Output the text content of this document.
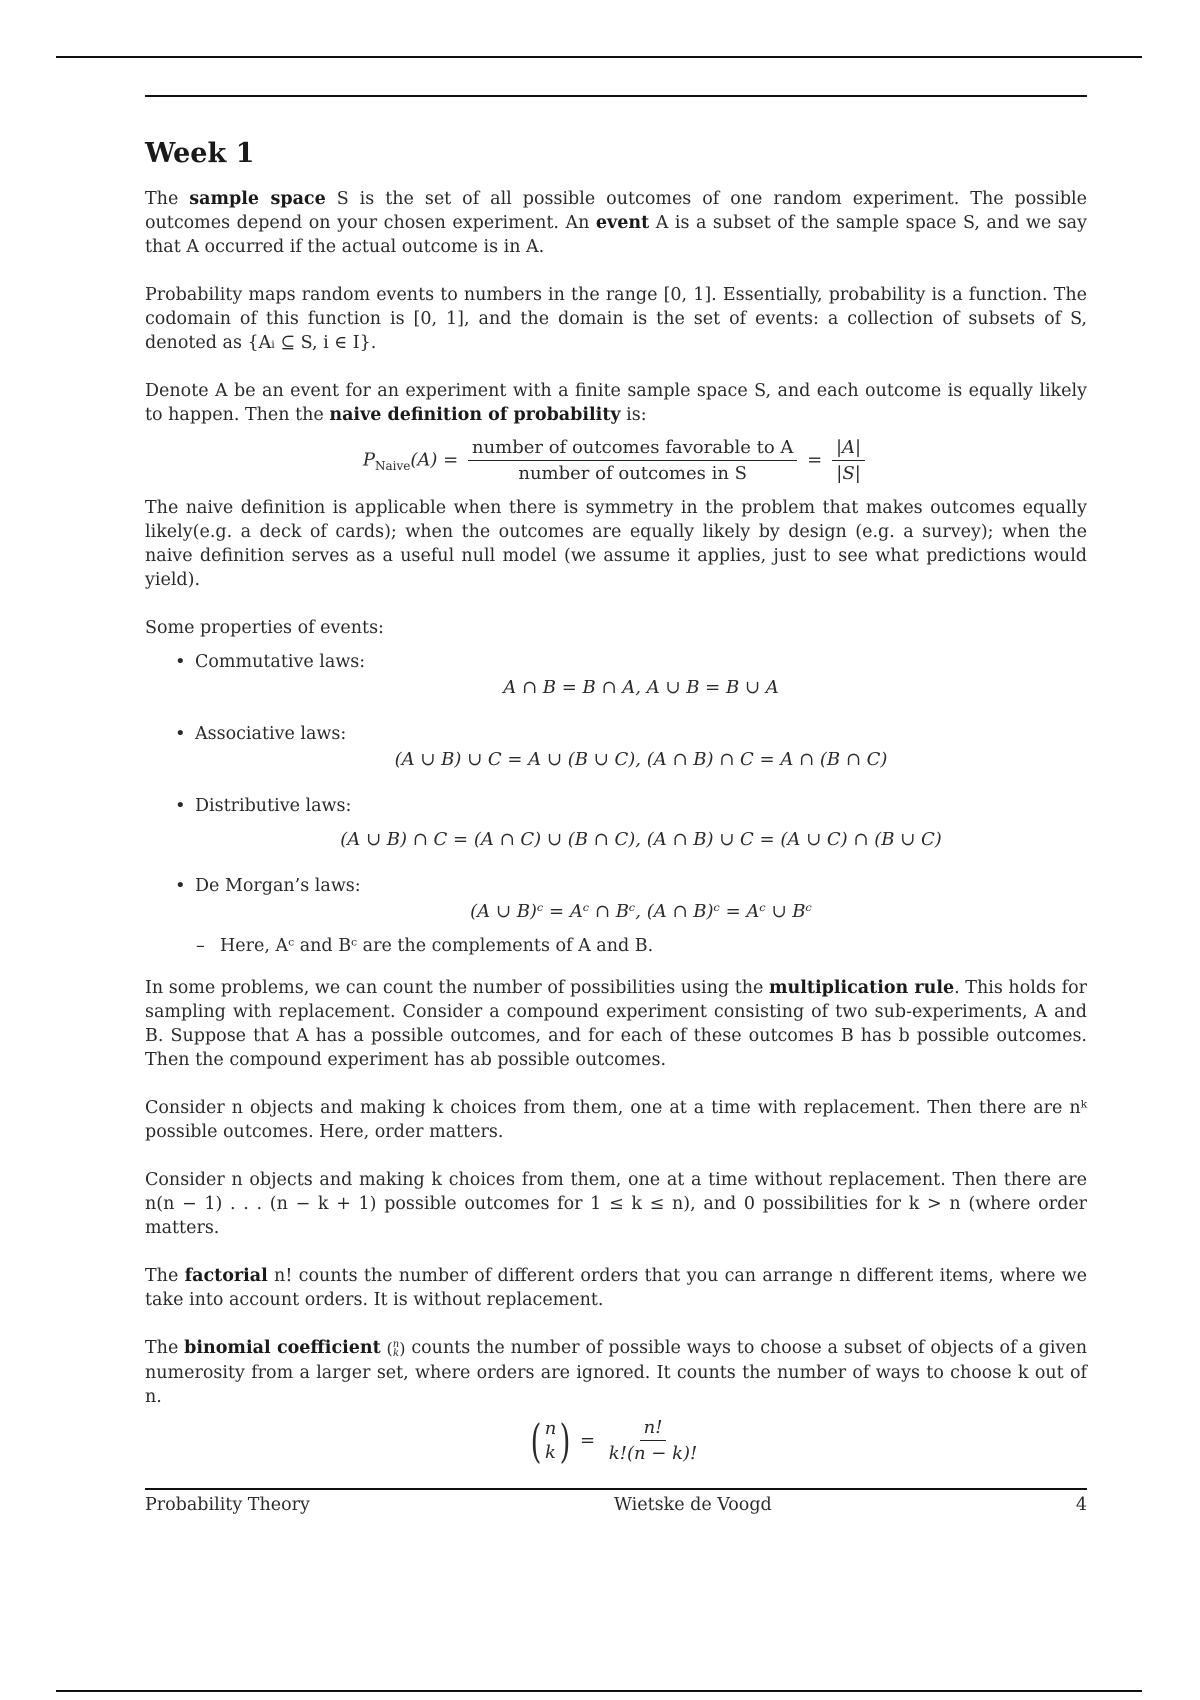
Week 1

The sample space S is the set of all possible outcomes of one random experiment. The possible outcomes depend on your chosen experiment. An event A is a subset of the sample space S, and we say that A occurred if the actual outcome is in A.

Probability maps random events to numbers in the range [0, 1]. Essentially, probability is a function. The codomain of this function is [0, 1], and the domain is the set of events: a collection of subsets of S, denoted as {Aᵢ ⊆ S, i ∈ I}.

Denote A be an event for an experiment with a finite sample space S, and each outcome is equally likely to happen. Then the naive definition of probability is:

$P_{Naive}(A) = \frac{\text{number of outcomes favorable to A}}{\text{number of outcomes in S}} = \frac{|A|}{|S|}$

The naive definition is applicable when there is symmetry in the problem that makes outcomes equally likely(e.g. a deck of cards); when the outcomes are equally likely by design (e.g. a survey); when the naive definition serves as a useful null model (we assume it applies, just to see what predictions would yield).

Some properties of events:

• Commutative laws:
A ∩ B = B ∩ A, A ∪ B = B ∪ A
• Associative laws:
(A ∪ B) ∪ C = A ∪ (B ∪ C), (A ∩ B) ∩ C = A ∩ (B ∩ C)
• Distributive laws:
(A ∪ B) ∩ C = (A ∩ C) ∪ (B ∩ C), (A ∩ B) ∪ C = (A ∪ C) ∩ (B ∪ C)
• De Morgan’s laws:
(A ∪ B)ᶜ = Aᶜ ∩ Bᶜ, (A ∩ B)ᶜ = Aᶜ ∪ Bᶜ
– Here, Aᶜ and Bᶜ are the complements of A and B.

In some problems, we can count the number of possibilities using the multiplication rule. This holds for sampling with replacement. Consider a compound experiment consisting of two sub-experiments, A and B. Suppose that A has a possible outcomes, and for each of these outcomes B has b possible outcomes. Then the compound experiment has ab possible outcomes.

Consider n objects and making k choices from them, one at a time with replacement. Then there are nᵏ possible outcomes. Here, order matters.

Consider n objects and making k choices from them, one at a time without replacement. Then there are n(n − 1) . . . (n − k + 1) possible outcomes for 1 ≤ k ≤ n), and 0 possibilities for k > n (where order matters.

The factorial n! counts the number of different orders that you can arrange n different items, where we take into account orders. It is without replacement.

The binomial coefficient ( n
k ) counts the number of possible ways to choose a subset of objects of a given numerosity from a larger set, where orders are ignored. It counts the number of ways to choose k out of n.

( n
k ) = $\frac{n!}{k!(n - k)!}$
Probability Theory	Wietske de Voogd	4
